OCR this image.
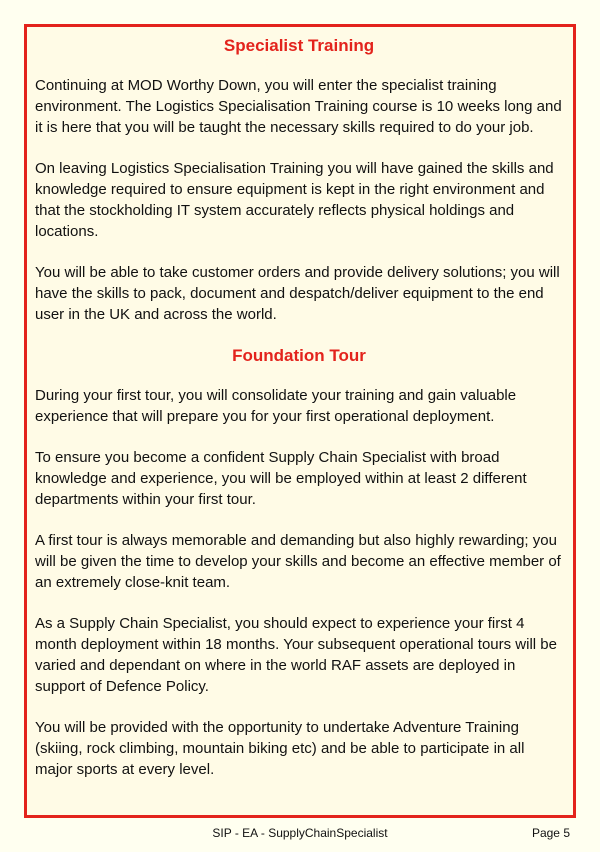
Specialist Training

Continuing at MOD Worthy Down, you will enter the specialist training environment. The Logistics Specialisation Training course is 10 weeks long and it is here that you will be taught the necessary skills required to do your job.

On leaving Logistics Specialisation Training you will have gained the skills and knowledge required to ensure equipment is kept in the right environment and that the stockholding IT system accurately reflects physical holdings and locations.

You will be able to take customer orders and provide delivery solutions; you will have the skills to pack, document and despatch/deliver equipment to the end user in the UK and across the world.

Foundation Tour

During your first tour, you will consolidate your training and gain valuable experience that will prepare you for your first operational deployment.

To ensure you become a confident Supply Chain Specialist with broad knowledge and experience, you will be employed within at least 2 different departments within your first tour.

A first tour is always memorable and demanding but also highly rewarding; you will be given the time to develop your skills and become an effective member of an extremely close-knit team.

As a Supply Chain Specialist, you should expect to experience your first 4 month deployment within 18 months. Your subsequent operational tours will be varied and dependant on where in the world RAF assets are deployed in support of Defence Policy.

You will be provided with the opportunity to undertake Adventure Training (skiing, rock climbing, mountain biking etc) and be able to participate in all major sports at every level.

SIP - EA - SupplyChainSpecialist	Page 5
